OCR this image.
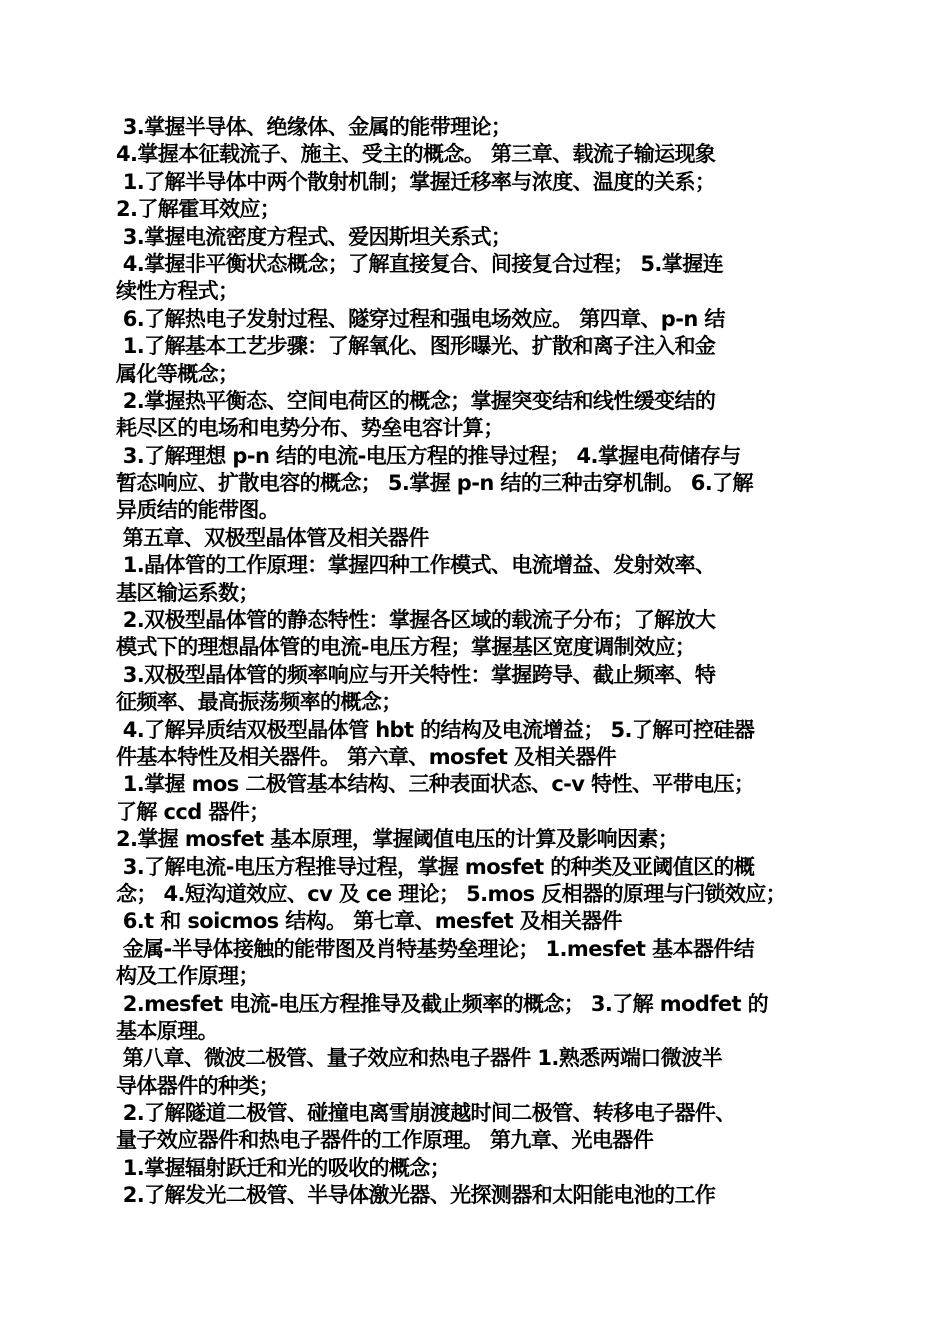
3.掌握半导体、绝缘体、金属的能带理论；
4.掌握本征载流子、施主、受主的概念。 第三章、载流子输运现象
1.了解半导体中两个散射机制；掌握迁移率与浓度、温度的关系；
2.了解霍耳效应；
3.掌握电流密度方程式、爱因斯坦关系式；
4.掌握非平衡状态概念；了解直接复合、间接复合过程； 5.掌握连
续性方程式；
6.了解热电子发射过程、隧穿过程和强电场效应。 第四章、p-n 结
1.了解基本工艺步骤：了解氧化、图形曝光、扩散和离子注入和金
属化等概念；
2.掌握热平衡态、空间电荷区的概念；掌握突变结和线性缓变结的
耗尽区的电场和电势分布、势垒电容计算；
3.了解理想 p-n 结的电流-电压方程的推导过程； 4.掌握电荷储存与
暂态响应、扩散电容的概念； 5.掌握 p-n 结的三种击穿机制。 6.了解
异质结的能带图。
第五章、双极型晶体管及相关器件
1.晶体管的工作原理：掌握四种工作模式、电流增益、发射效率、
基区输运系数；
2.双极型晶体管的静态特性：掌握各区域的载流子分布；了解放大
模式下的理想晶体管的电流-电压方程；掌握基区宽度调制效应；
3.双极型晶体管的频率响应与开关特性：掌握跨导、截止频率、特
征频率、最高振荡频率的概念；
4.了解异质结双极型晶体管 hbt 的结构及电流增益； 5.了解可控硅器
件基本特性及相关器件。 第六章、mosfet 及相关器件
1.掌握 mos 二极管基本结构、三种表面状态、c-v 特性、平带电压；
了解 ccd 器件；
2.掌握 mosfet 基本原理，掌握阈值电压的计算及影响因素；
3.了解电流-电压方程推导过程，掌握 mosfet 的种类及亚阈值区的概
念； 4.短沟道效应、cv 及 ce 理论； 5.mos 反相器的原理与闩锁效应；
6.t 和 soicmos 结构。 第七章、mesfet 及相关器件
金属-半导体接触的能带图及肖特基势垒理论； 1.mesfet 基本器件结
构及工作原理；
2.mesfet 电流-电压方程推导及截止频率的概念； 3.了解 modfet 的
基本原理。
第八章、微波二极管、量子效应和热电子器件 1.熟悉两端口微波半
导体器件的种类；
2.了解隧道二极管、碰撞电离雪崩渡越时间二极管、转移电子器件、
量子效应器件和热电子器件的工作原理。 第九章、光电器件
1.掌握辐射跃迁和光的吸收的概念；
2.了解发光二极管、半导体激光器、光探测器和太阳能电池的工作
